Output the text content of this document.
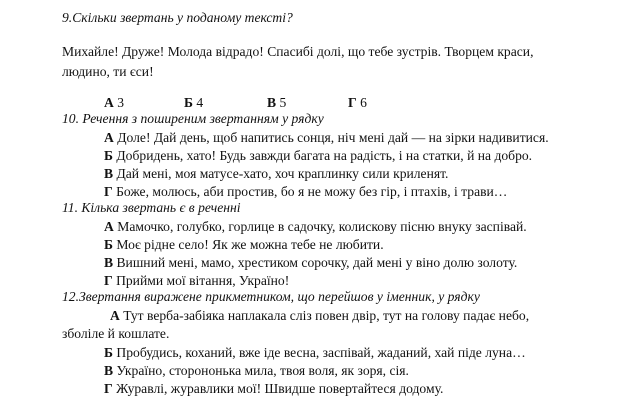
9.Скільки звертань у поданому тексті?
Михайле! Друже! Молода відрадо! Спасибі долі, що тебе зустрів. Творцем краси,
людино, ти єси!
А 3	Б 4	В 5	Г 6
10. Речення з поширеним звертанням у рядку
А Доле! Дай день, щоб напитись сонця, ніч мені дай — на зірки надивитися.
Б Добридень, хато! Будь завжди багата на радість, і на статки, й на добро.
В Дай мені, моя матусе-хато, хоч краплинку сили криленят.
Г Боже, молюсь, аби простив, бо я не можу без гір, і птахів, і трави…
11. Кілька звертань є в реченні
А Мамочко, голубко, горлице в садочку, колискову пісню внуку заспівай.
Б Моє рідне село! Як же можна тебе не любити.
В Вишний мені, мамо, хрестиком сорочку, дай мені у віно долю золоту.
Г Прийми мої вітання, Україно!
12.Звертання виражене прикметником, що перейшов у іменник, у рядку
А Тут верба-забіяка наплакала сліз повен двір, тут на голову падає небо,
зболіле й кошлате.
Б Пробудись, коханий, вже іде весна, заспівай, жаданий, хай піде луна…
В Україно, сторононька мила, твоя воля, як зоря, сія.
Г Журавлі, журавлики мої! Швидше повертайтеся додому.
